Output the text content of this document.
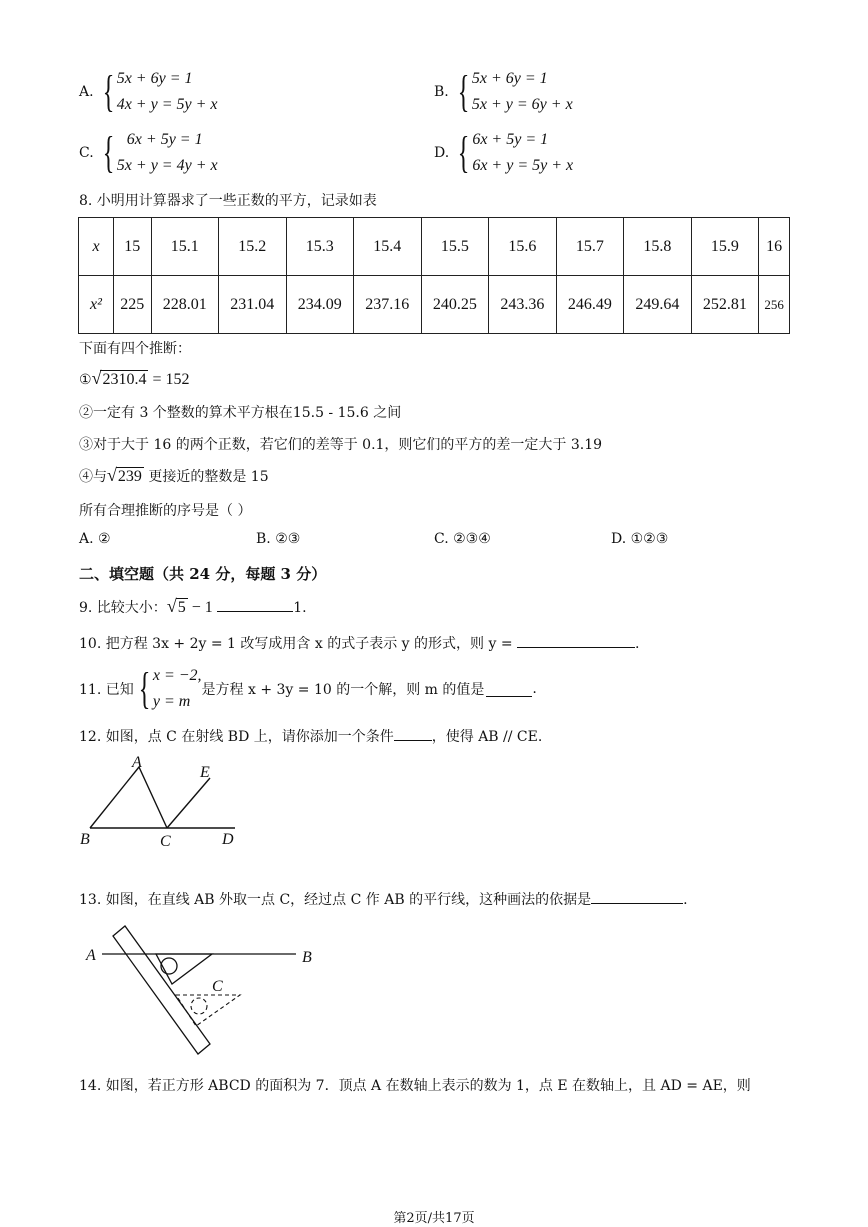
A. { 5x + 6y = 1
4x + y = 5y + x
B. { 5x + 6y = 1
5x + y = 6y + x
C. { 6x + 5y = 1
5x + y = 4y + x
D. { 6x + 5y = 1
6x + y = 5y + x
8. 小明用计算器求了一些正数的平方，记录如表
x	15	15.1	15.2	15.3	15.4	15.5	15.6	15.7	15.8	15.9	16
x²	225	228.01	231.04	234.09	237.16	240.25	243.36	246.49	249.64	252.81	256
下面有四个推断：
①√2310.4 = 152
②一定有 3 个整数的算术平方根在15.5 - 15.6 之间
③对于大于 16 的两个正数，若它们的差等于 0.1，则它们的平方的差一定大于 3.19
④与√239 更接近的整数是 15
所有合理推断的序号是（ ）
A. ②	B. ②③	C. ②③④	D. ①②③
二、填空题（共 24 分，每题 3 分）
9. 比较大小：√5 − 1	1.
10. 把方程 3x + 2y = 1 改写成用含 x 的式子表示 y 的形式，则 y =	.
11. 已知 { x = −2,
y = m
是方程 x + 3y = 10 的一个解，则 m 的值是	.
12. 如图，点 C 在射线 BD 上，请你添加一个条件	，使得 AB // CE.
A
B	C	D
E
13. 如图，在直线 AB 外取一点 C，经过点 C 作 AB 的平行线，这种画法的依据是	.
A	B
C
14. 如图，若正方形 ABCD 的面积为 7．顶点 A 在数轴上表示的数为 1，点 E 在数轴上，且 AD = AE，则
第2页/共17页
